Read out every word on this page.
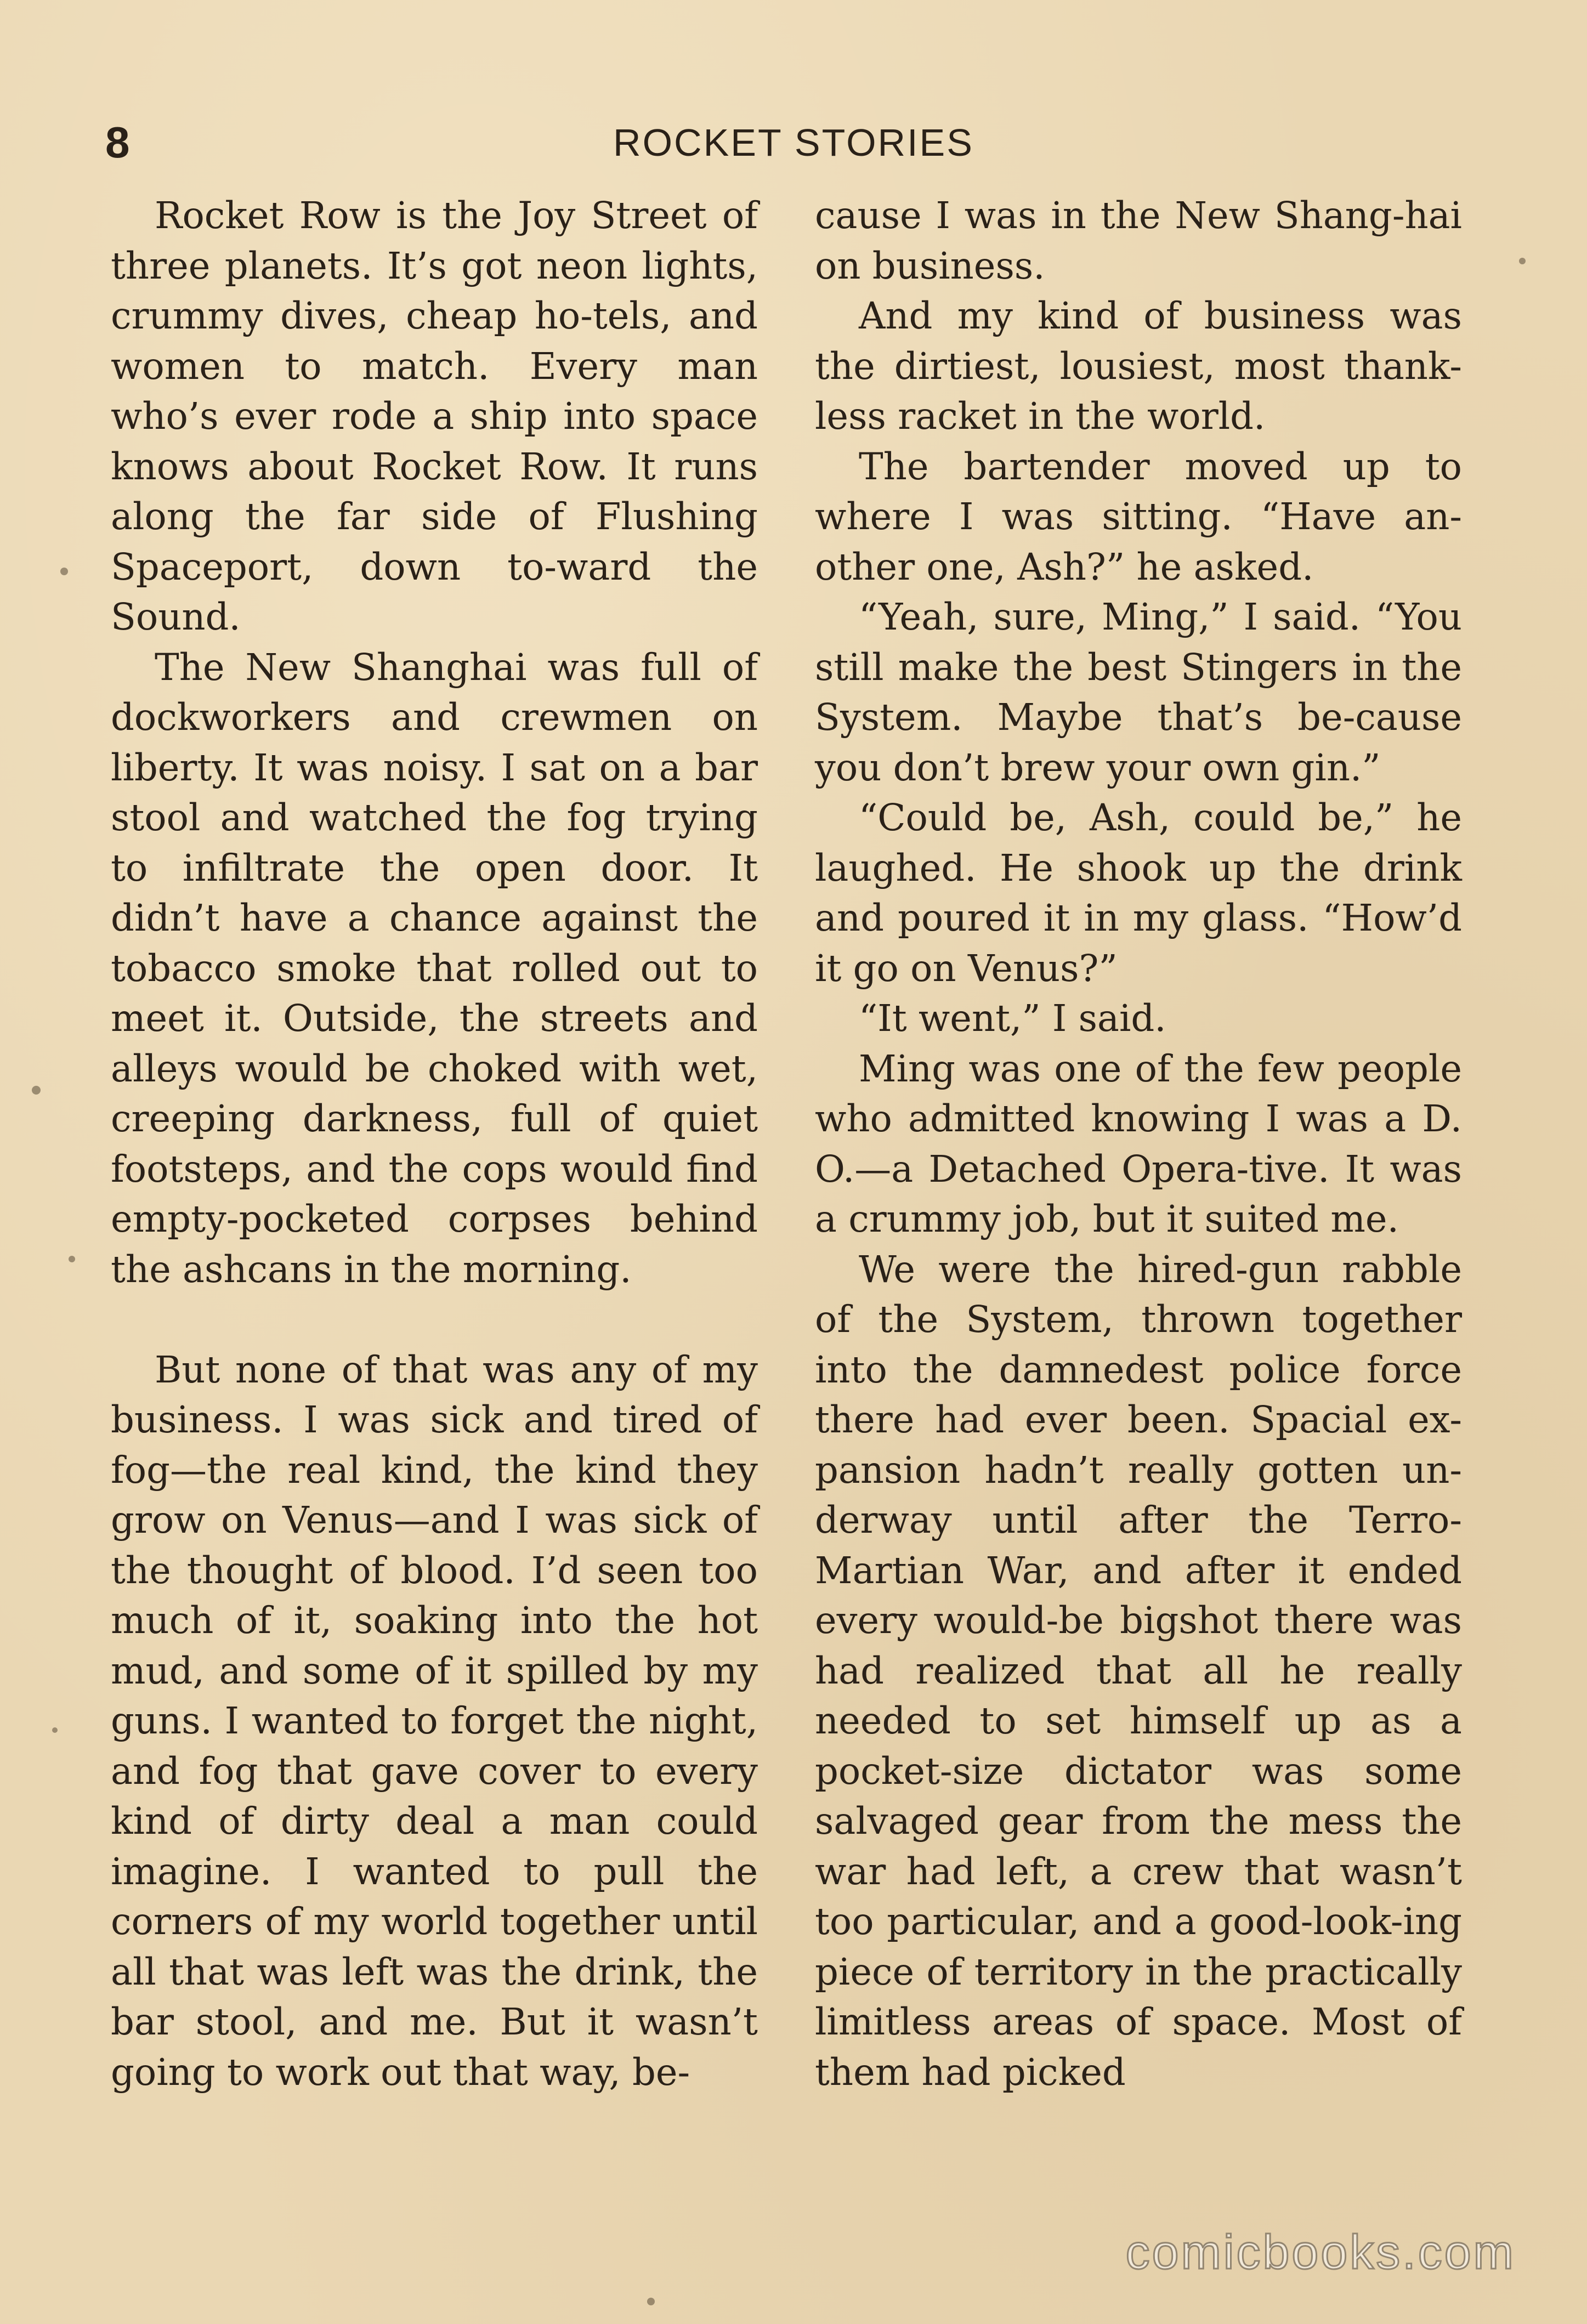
8	ROCKET STORIES

Rocket Row is the Joy Street of three planets. It’s got neon lights, crummy dives, cheap ho-tels, and women to match. Every man who’s ever rode a ship into space knows about Rocket Row. It runs along the far side of Flushing Spaceport, down to-ward the Sound.

The New Shanghai was full of dockworkers and crewmen on liberty. It was noisy. I sat on a bar stool and watched the fog trying to infiltrate the open door. It didn’t have a chance against the tobacco smoke that rolled out to meet it. Outside, the streets and alleys would be choked with wet, creeping darkness, full of quiet footsteps, and the cops would find empty-pocketed corpses behind the ashcans in the morning.

But none of that was any of my business. I was sick and tired of fog—the real kind, the kind they grow on Venus—and I was sick of the thought of blood. I’d seen too much of it, soaking into the hot mud, and some of it spilled by my guns. I wanted to forget the night, and fog that gave cover to every kind of dirty deal a man could imagine. I wanted to pull the corners of my world together until all that was left was the drink, the bar stool, and me. But it wasn’t going to work out that way, be-

cause I was in the New Shang-hai on business.

And my kind of business was the dirtiest, lousiest, most thank-less racket in the world.

The bartender moved up to where I was sitting. “Have an-other one, Ash?” he asked.

“Yeah, sure, Ming,” I said. “You still make the best Stingers in the System. Maybe that’s be-cause you don’t brew your own gin.”

“Could be, Ash, could be,” he laughed. He shook up the drink and poured it in my glass. “How’d it go on Venus?”

“It went,” I said.

Ming was one of the few people who admitted knowing I was a D. O.—a Detached Opera-tive. It was a crummy job, but it suited me.

We were the hired-gun rabble of the System, thrown together into the damnedest police force there had ever been. Spacial ex-pansion hadn’t really gotten un-derway until after the Terro-Martian War, and after it ended every would-be bigshot there was had realized that all he really needed to set himself up as a pocket-size dictator was some salvaged gear from the mess the war had left, a crew that wasn’t too particular, and a good-look-ing piece of territory in the practically limitless areas of space. Most of them had picked

comicbooks.com
